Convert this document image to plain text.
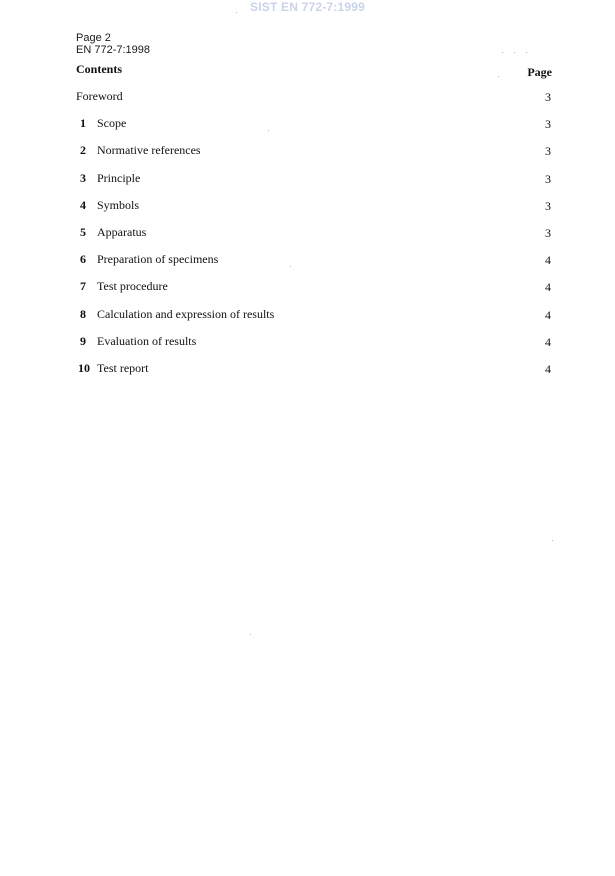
SIST EN 772-7:1999
Page 2
EN 772-7:1998
Contents	Page
Foreword	3
1 Scope	3
2 Normative references	3
3 Principle	3
4 Symbols	3
5 Apparatus	3
6 Preparation of specimens	4
7 Test procedure	4
8 Calculation and expression of results	4
9 Evaluation of results	4
10 Test report	4
